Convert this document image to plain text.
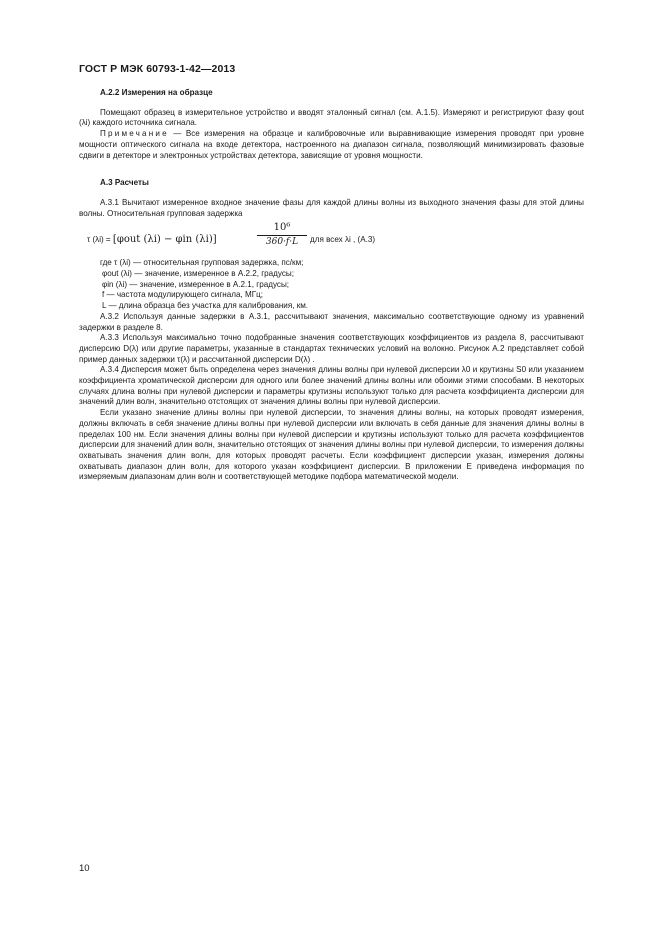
ГОСТ Р МЭК 60793-1-42—2013
А.2.2 Измерения на образце

Помещают образец в измерительное устройство и вводят эталонный сигнал (см. А.1.5). Измеряют и регистрируют фазу φout (λi) каждого источника сигнала.

Примечание — Все измерения на образце и калибровочные или выравнивающие измерения проводят при уровне мощности оптического сигнала на входе детектора, настроенного на диапазон сигнала, позволяющий минимизировать фазовые сдвиги в детекторе и электронных устройствах детектора, зависящие от уровня мощности.

А.3 Расчеты

А.3.1 Вычитают измеренное входное значение фазы для каждой длины волны из выходного значения фазы для этой длины волны. Относительная групповая задержка

τ (λi) = [φout (λi) − φin (λi)]	$\frac{\text{10⁶}}{360\cdot f\cdot L}$ для всех λi , (А.3)
где τ (λi) — относительная групповая задержка, пс/км;
φout (λi) — значение, измеренное в А.2.2, градусы;
φin (λi) — значение, измеренное в А.2.1, градусы;
f — частота модулирующего сигнала, МГц;
L — длина образца без участка для калибрования, км.

А.3.2 Используя данные задержки в А.3.1, рассчитывают значения, максимально соответствующие одному из уравнений задержки в разделе 8.

А.3.3 Используя максимально точно подобранные значения соответствующих коэффициентов из раздела 8, рассчитывают дисперсию D(λ) или другие параметры, указанные в стандартах технических условий на волокно. Рисунок А.2 представляет собой пример данных задержки τ(λ) и рассчитанной дисперсии D(λ) .

А.3.4 Дисперсия может быть определена через значения длины волны при нулевой дисперсии λ0 и крутизны S0 или указанием коэффициента хроматической дисперсии для одного или более значений длины волны или обоими этими способами. В некоторых случаях длина волны при нулевой дисперсии и параметры крутизны используют только для расчета коэффициента дисперсии для значений длин волн, значительно отстоящих от значения длины волны при нулевой дисперсии.

Если указано значение длины волны при нулевой дисперсии, то значения длины волны, на которых проводят измерения, должны включать в себя значение длины волны при нулевой дисперсии или включать в себя данные для значения длины волны в пределах 100 нм. Если значения длины волны при нулевой дисперсии и крутизны используют только для расчета коэффициентов дисперсии для значений длин волн, значительно отстоящих от значения длины волны при нулевой дисперсии, то измерения должны охватывать значения длин волн, для которых проводят расчеты. Если коэффициент дисперсии указан, измерения должны охватывать диапазон длин волн, для которого указан коэффициент дисперсии. В приложении Е приведена информация по измеряемым диапазонам длин волн и соответствующей методике подбора математической модели.

10
